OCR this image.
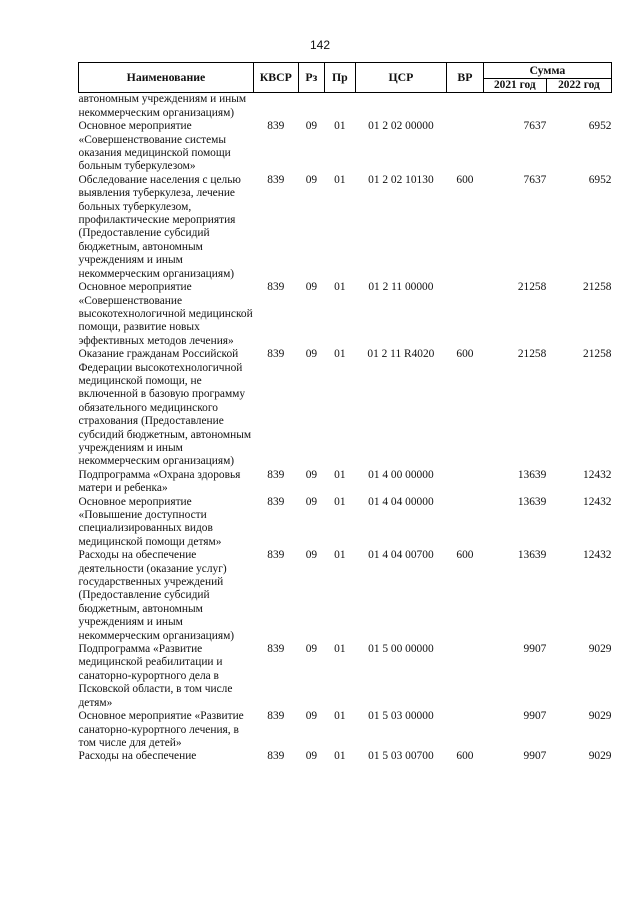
142
Наименование	КВСР	Рз	Пр	ЦСР	ВР	Сумма	
						2021 год	2022 год
автономным учреждениям и иным некоммерческим организациям)							
Основное мероприятие «Совершенствование системы оказания медицинской помощи больным туберкулезом»	839	09	01	01 2 02 00000		7637	6952
Обследование населения с целью выявления туберкулеза, лечение больных туберкулезом, профилактические мероприятия (Предоставление субсидий бюджетным, автономным учреждениям и иным некоммерческим организациям)	839	09	01	01 2 02 10130	600	7637	6952
Основное мероприятие «Совершенствование высокотехнологичной медицинской помощи, развитие новых эффективных методов лечения»	839	09	01	01 2 11 00000		21258	21258
Оказание гражданам Российской Федерации высокотехнологичной медицинской помощи, не включенной в базовую программу обязательного медицинского страхования (Предоставление субсидий бюджетным, автономным учреждениям и иным некоммерческим организациям)	839	09	01	01 2 11 R4020	600	21258	21258
Подпрограмма «Охрана здоровья матери и ребенка»	839	09	01	01 4 00 00000		13639	12432
Основное мероприятие «Повышение доступности специализированных видов медицинской помощи детям»	839	09	01	01 4 04 00000		13639	12432
Расходы на обеспечение деятельности (оказание услуг) государственных учреждений (Предоставление субсидий бюджетным, автономным учреждениям и иным некоммерческим организациям)	839	09	01	01 4 04 00700	600	13639	12432
Подпрограмма «Развитие медицинской реабилитации и санаторно-курортного дела в Псковской области, в том числе детям»	839	09	01	01 5 00 00000		9907	9029
Основное мероприятие «Развитие санаторно-курортного лечения, в том числе для детей»	839	09	01	01 5 03 00000		9907	9029
Расходы на обеспечение	839	09	01	01 5 03 00700	600	9907	9029
